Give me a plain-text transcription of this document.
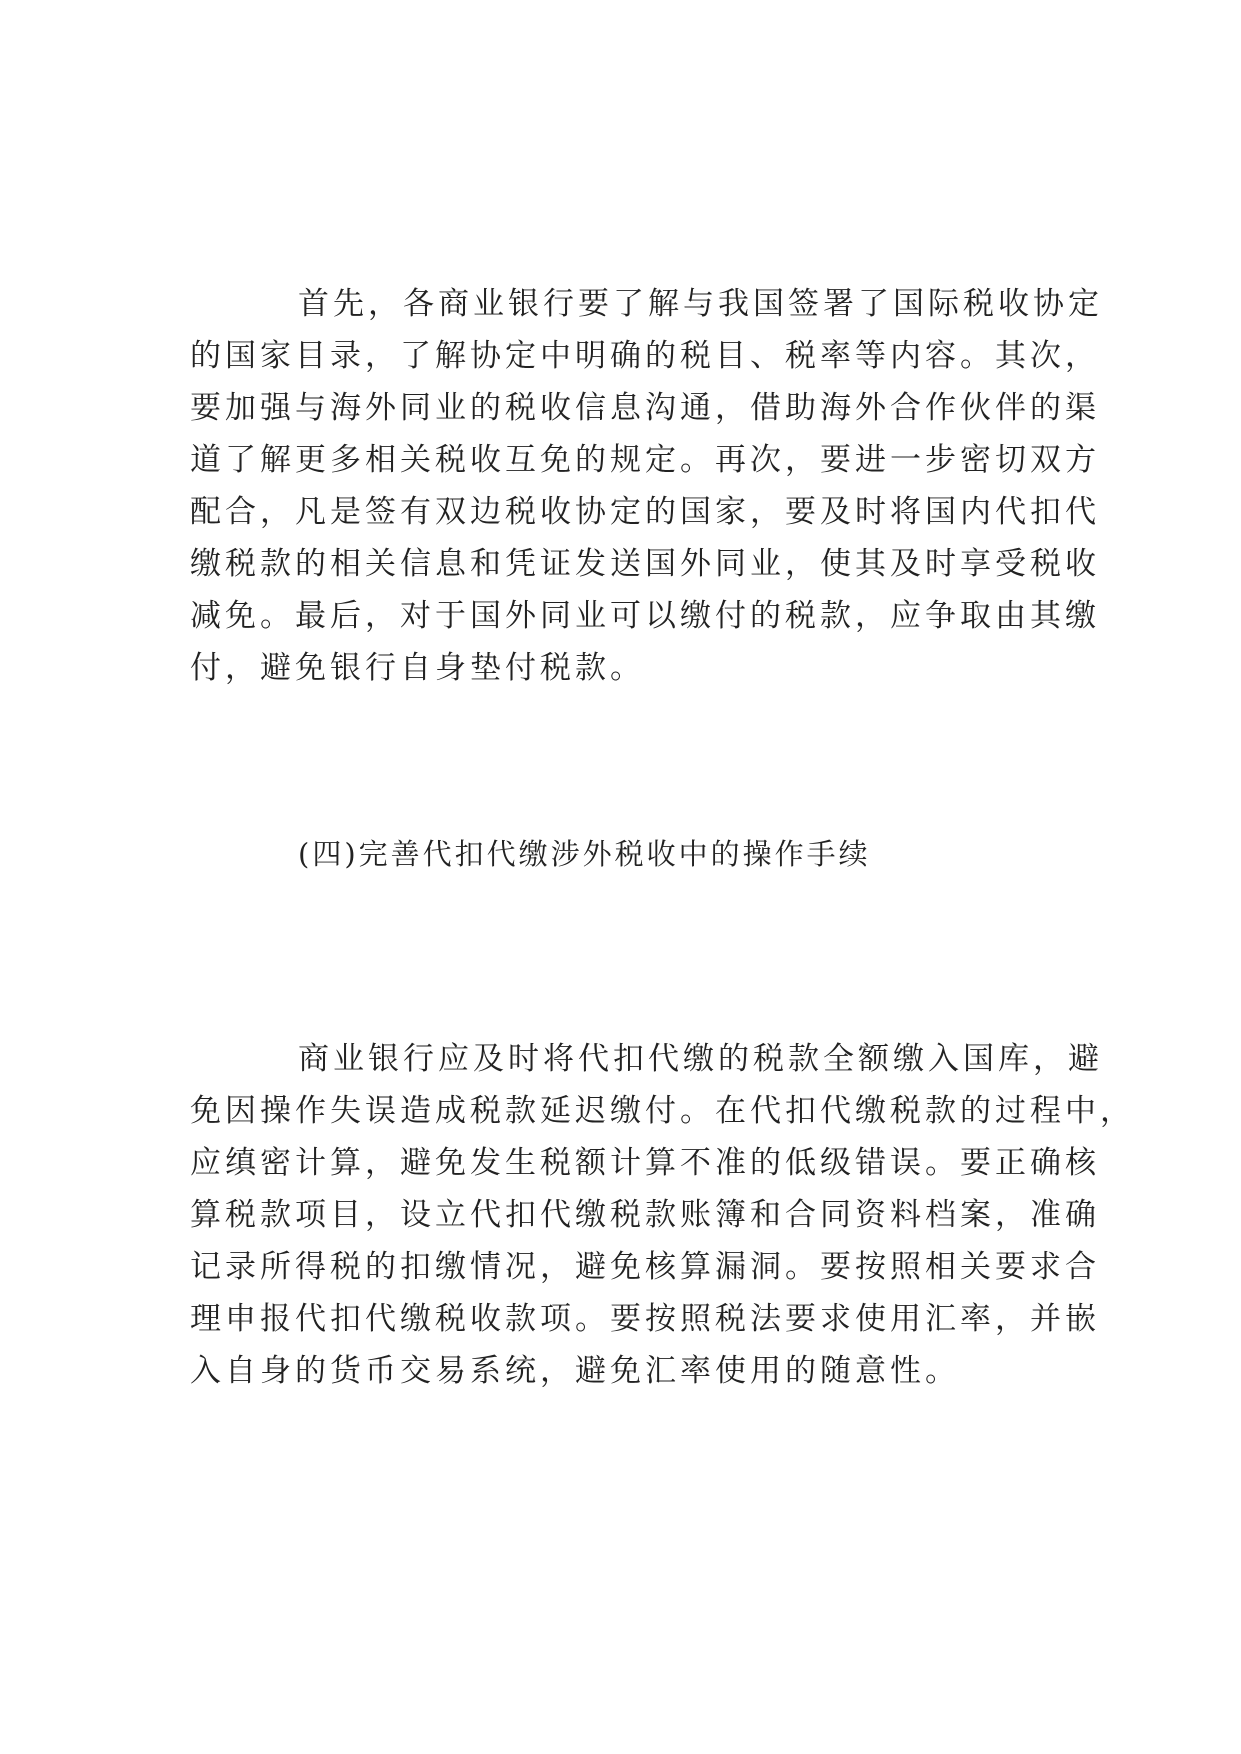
首先，各商业银行要了解与我国签署了国际税收协定
的国家目录，了解协定中明确的税目、税率等内容。其次，
要加强与海外同业的税收信息沟通，借助海外合作伙伴的渠
道了解更多相关税收互免的规定。再次，要进一步密切双方
配合，凡是签有双边税收协定的国家，要及时将国内代扣代
缴税款的相关信息和凭证发送国外同业，使其及时享受税收
减免。最后，对于国外同业可以缴付的税款，应争取由其缴
付，避免银行自身垫付税款。
(四)完善代扣代缴涉外税收中的操作手续
商业银行应及时将代扣代缴的税款全额缴入国库，避
免因操作失误造成税款延迟缴付。在代扣代缴税款的过程中，
应缜密计算，避免发生税额计算不准的低级错误。要正确核
算税款项目，设立代扣代缴税款账簿和合同资料档案，准确
记录所得税的扣缴情况，避免核算漏洞。要按照相关要求合
理申报代扣代缴税收款项。要按照税法要求使用汇率，并嵌
入自身的货币交易系统，避免汇率使用的随意性。
